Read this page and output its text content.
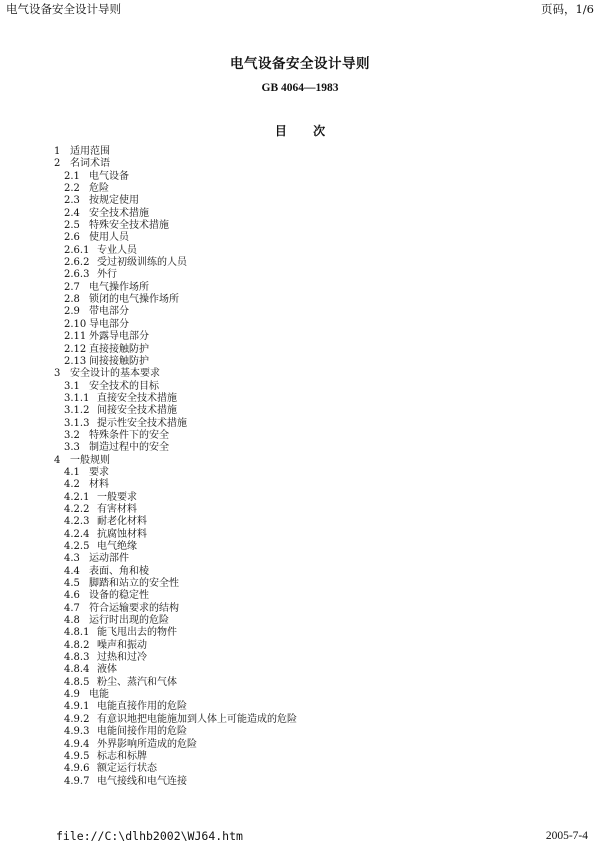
电气设备安全设计导则	页码，1/6
电气设备安全设计导则
GB 4064—1983
目 次
1 适用范围
2 名词术语
2.1 电气设备
2.2 危险
2.3 按规定使用
2.4 安全技术措施
2.5 特殊安全技术措施
2.6 使用人员
2.6.1 专业人员
2.6.2 受过初级训练的人员
2.6.3 外行
2.7 电气操作场所
2.8 锁闭的电气操作场所
2.9 带电部分
2.10 导电部分
2.11 外露导电部分
2.12 直接接触防护
2.13 间接接触防护
3 安全设计的基本要求
3.1 安全技术的目标
3.1.1 直接安全技术措施
3.1.2 间接安全技术措施
3.1.3 提示性安全技术措施
3.2 特殊条件下的安全
3.3 制造过程中的安全
4 一般规则
4.1 要求
4.2 材料
4.2.1 一般要求
4.2.2 有害材料
4.2.3 耐老化材料
4.2.4 抗腐蚀材料
4.2.5 电气绝缘
4.3 运动部件
4.4 表面、角和棱
4.5 脚踏和站立的安全性
4.6 设备的稳定性
4.7 符合运输要求的结构
4.8 运行时出现的危险
4.8.1 能飞甩出去的物件
4.8.2 噪声和振动
4.8.3 过热和过冷
4.8.4 液体
4.8.5 粉尘、蒸汽和气体
4.9 电能
4.9.1 电能直接作用的危险
4.9.2 有意识地把电能施加到人体上可能造成的危险
4.9.3 电能间接作用的危险
4.9.4 外界影响所造成的危险
4.9.5 标志和标牌
4.9.6 额定运行状态
4.9.7 电气接线和电气连接
file://C:\dlhb2002\WJ64.htm	2005-7-4
